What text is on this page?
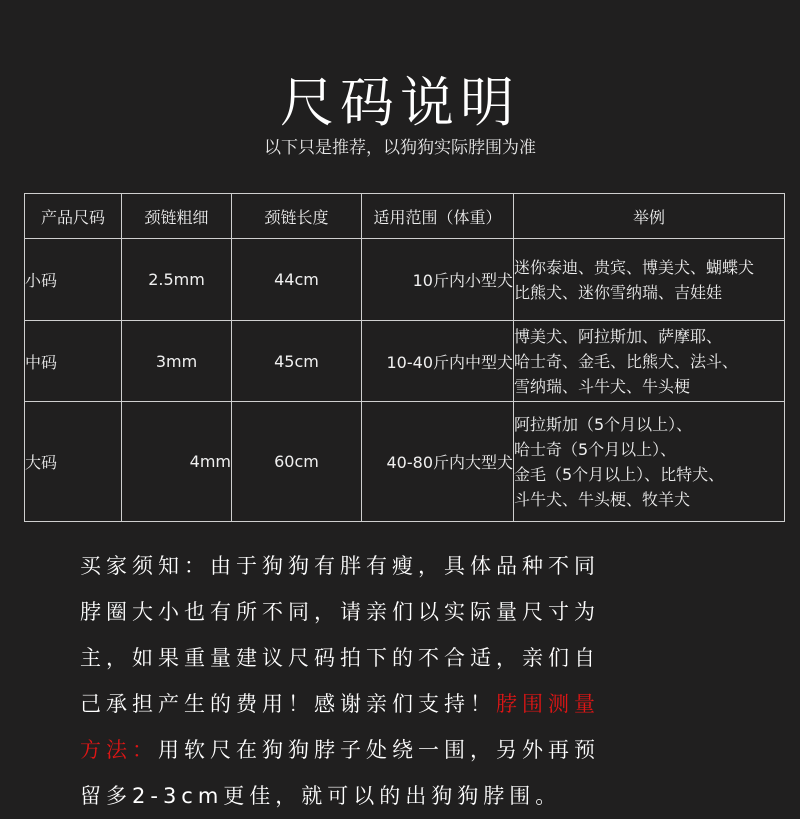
尺码说明
以下只是推荐，以狗狗实际脖围为准
产品尺码	颈链粗细	颈链长度	适用范围（体重）	举例
小码	2.5mm	44cm	10斤内小型犬	迷你泰迪、贵宾、博美犬、蝴蝶犬
比熊犬、迷你雪纳瑞、吉娃娃

中码	3mm	45cm	10-40斤内中型犬	博美犬、阿拉斯加、萨摩耶、
哈士奇、金毛、比熊犬、法斗、
雪纳瑞、斗牛犬、牛头梗

大码	4mm	60cm	40-80斤内大型犬	阿拉斯加（5个月以上）、
哈士奇（5个月以上）、
金毛（5个月以上）、比特犬、
斗牛犬、牛头梗、牧羊犬
买家须知：由于狗狗有胖有瘦，具体品种不同
脖圈大小也有所不同，请亲们以实际量尺寸为
主，如果重量建议尺码拍下的不合适，亲们自
己承担产生的费用！感谢亲们支持！脖围测量
方法：用软尺在狗狗脖子处绕一围，另外再预
留多2-3cm更佳，就可以的出狗狗脖围。
